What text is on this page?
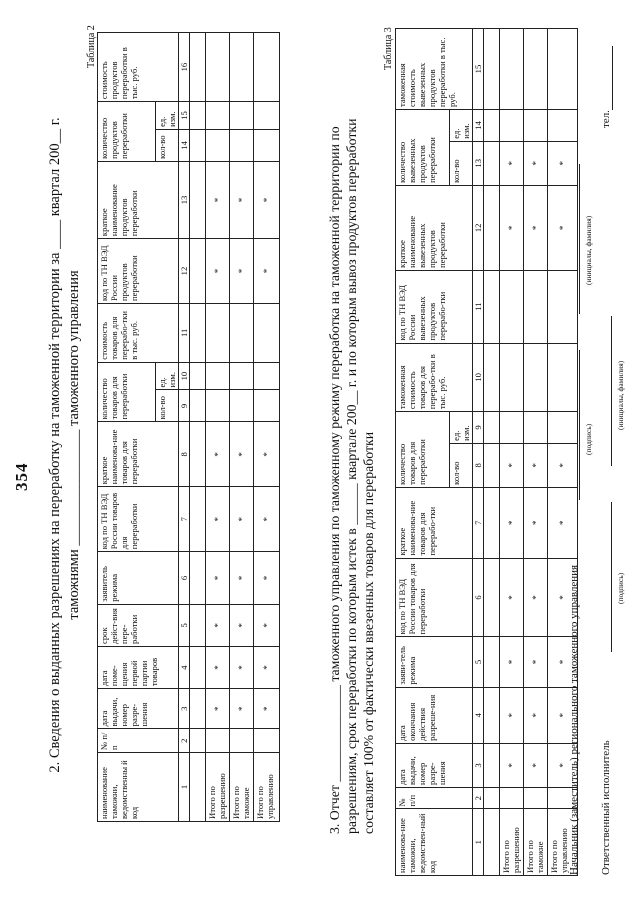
354 2. Сведения о выданных разрешениях на переработку на таможенной территории за ____ квартал 200__ г. таможнями ________________ таможенного управления
Таблица 2
наименование таможни, ведомственны й код	№ п/п	дата выдачи, номер разре-шения	дата поме-щения первой партии товаров	срок дейст-вия пере-работки	заявитель режима	код по ТН ВЭД России товаров для переработки	краткое наименова-ние товаров для переработки	количество товаров для переработки		стоимость товаров для перерабо-тки в тыс. руб.	код по ТН ВЭД России продуктов переработки	краткое наименование продуктов переработки	количество продуктов переработки		стоимость продуктов переработки в тыс. руб.
								кол-во	ед. изм.				кол-во	ед. изм.	
1	2	3	4	5	6	7	8	9	10	11	12	13	14	15	16

Итого по разрешению		*	*	*	*	*	*				*	*			
Итого по таможне		*	*	*	*	*	*				*	*			
Итого по управлению		*	*	*	*	*	*				*	*				3. Отчет ______________ таможенного управления по таможенному режиму переработка на таможенной территории по разрешениям, срок переработки по которым истек в ______ квартале 200__ г. и по которым вывоз продуктов переработки составляет 100% от фактически ввезенных товаров для переработки
Таблица 3
наименова-ние таможни, ведомствен-ный код	№ п/п	дата выдачи, номер разре-шения	дата окончания действия разреше-ния	заяви-тель режима	код по ТН ВЭД России товаров для переработки	краткое наименова-ние товаров для перерабо-тки	количество товаров для переработки		таможенная стоимость товаров для перерабо-тки в тыс. руб.	код по ТН ВЭД России вывезенных продуктов перерабо-тки	краткое наименование вывезенных продуктов переработки	количество вывезенных продуктов переработки		таможенная стоимость вывезенных продуктов переработки в тыс. руб.
							кол-во	ед. изм.				кол-во	ед. изм.	
1	2	3	4	5	6	7	8	9	10	11	12	13	14	15

Итого по разрешению		*	*	*	*	*	*				*	*		
Итого по таможне		*	*	*	*	*	*				*	*		
Итого по управлению		*	*	*	*	*	*				*	*		
Начальник (заместитель) регионального таможенного управления

(подпись)
(инициалы, фамилия)
Ответственный исполнитель

(подпись)
(инициалы, фамилия)
тел.
